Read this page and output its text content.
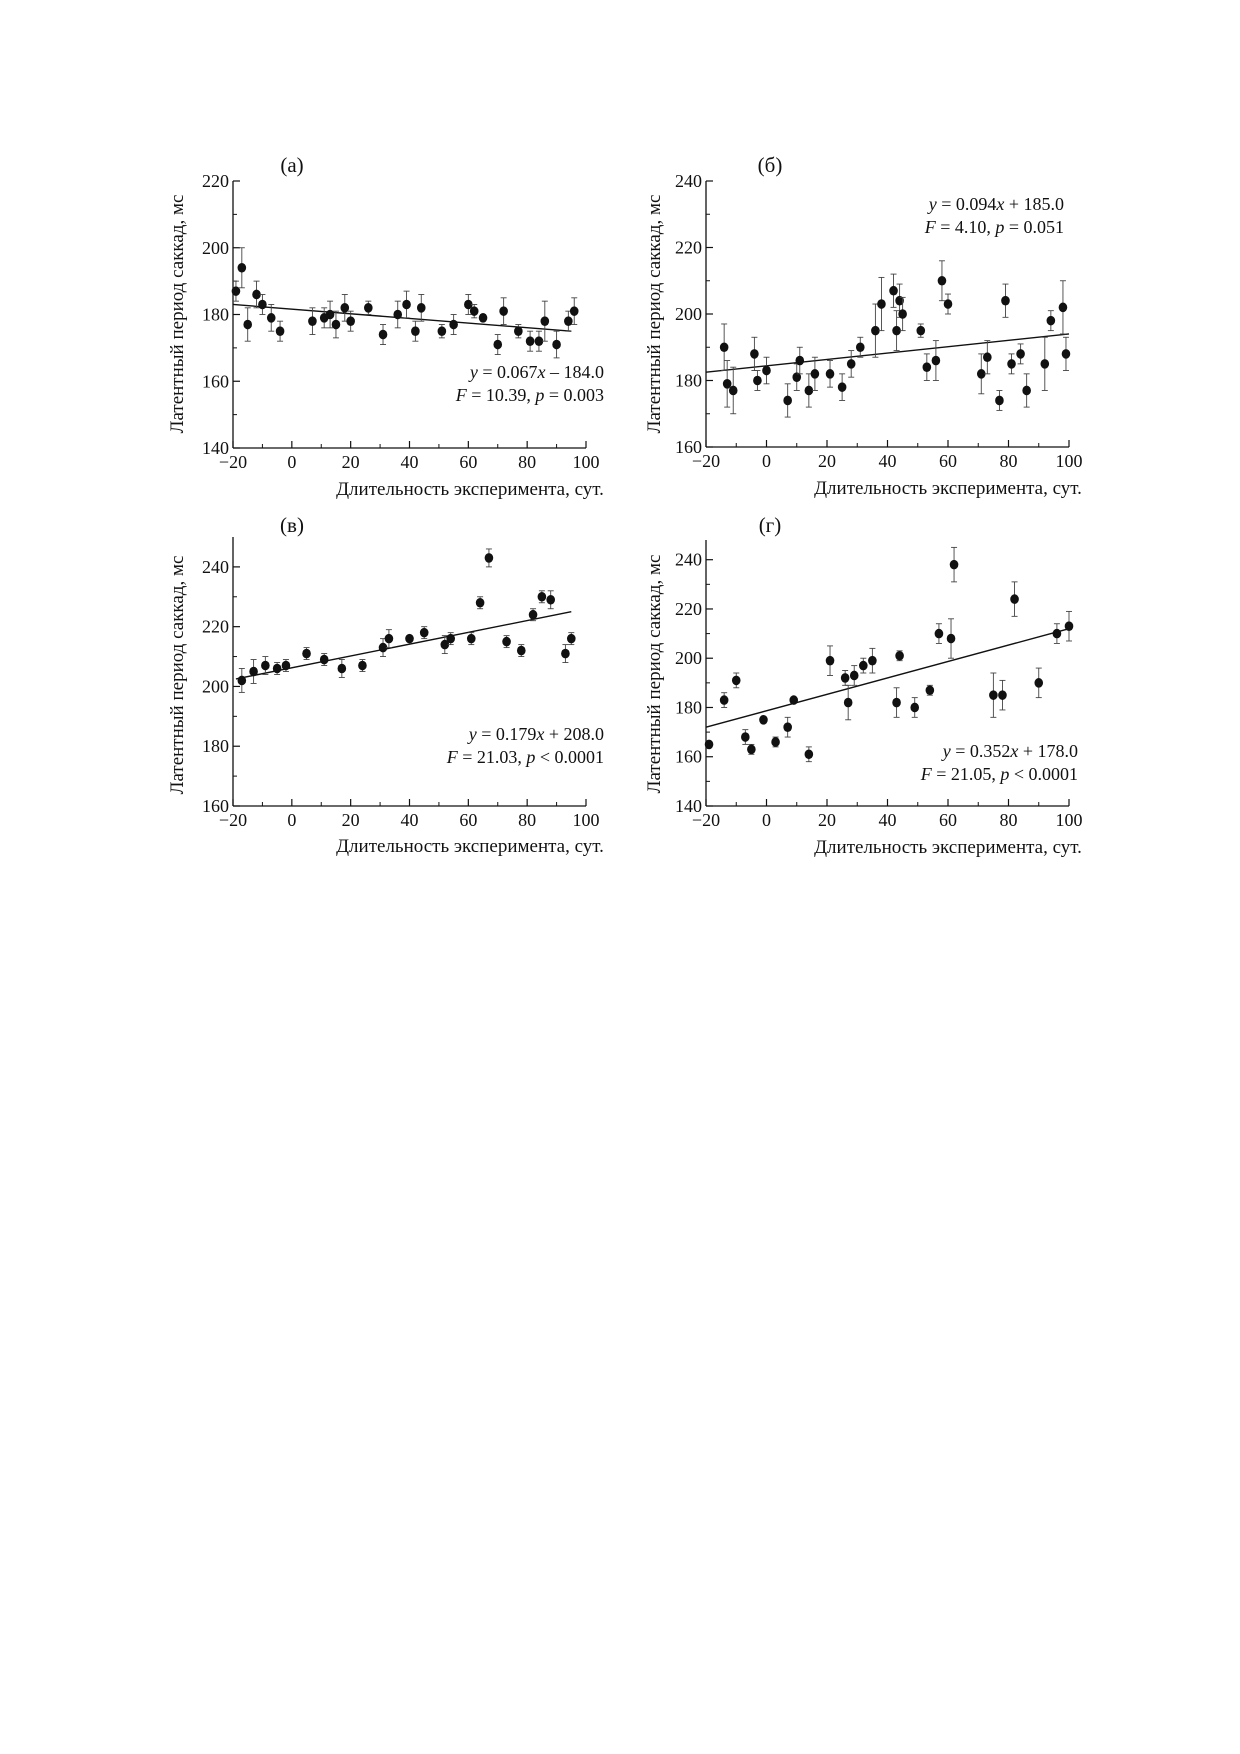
(а)
Латентный период саккад, мс
Длительность эксперимента, сут.
y = 0.067x – 184.0
F = 10.39, p = 0.003
140
160
180
200
220
−20 0	20 40 60 80 100
(б)
Латентный период саккад, мс
Длительность эксперимента, сут.
y = 0.094x + 185.0
F = 4.10, p = 0.051
160
180
200
220
240
−20 0	20 40 60 80 100
(в)
Латентный период саккад, мс
Длительность эксперимента, сут.
y = 0.179x + 208.0
F = 21.03, p < 0.0001
160
180
200
220
240
−20 0	20 40 60 80 100
(г)
Латентный период саккад, мс
Длительность эксперимента, сут.
y = 0.352x + 178.0
F = 21.05, p < 0.0001
140
160
180
200
220
240
−20 0	20 40 60 80 100
